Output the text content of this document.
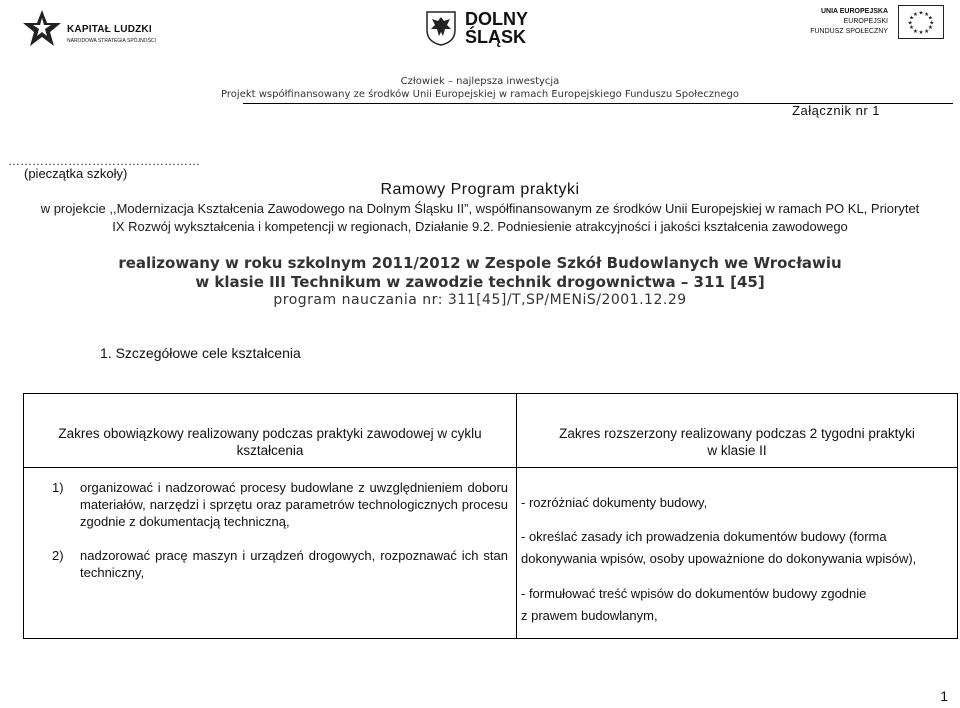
KAPITAŁ LUDZKI
NARODOWA STRATEGIA SPÓJNOŚCI
DOLNY
ŚLĄSK
UNIA EUROPEJSKA
EUROPEJSKI
FUNDUSZ SPOŁECZNY
★ ★
★
★
★
★
★
★
★
★
★
★
Człowiek – najlepsza inwestycja
Projekt współfinansowany ze środków Unii Europejskiej w ramach Europejskiego Funduszu Społecznego
Załącznik nr 1
…………………………………………
(pieczątka szkoły)
Ramowy Program praktyki
w projekcie ,,Modernizacja Kształcenia Zawodowego na Dolnym Śląsku II”, współfinansowanym ze środków Unii Europejskiej w ramach PO KL, Priorytet
IX Rozwój wykształcenia i kompetencji w regionach, Działanie 9.2. Podniesienie atrakcyjności i jakości kształcenia zawodowego
realizowany w roku szkolnym 2011/2012 w Zespole Szkół Budowlanych we Wrocławiu
w klasie III Technikum w zawodzie technik drogownictwa – 311 [45]
program nauczania nr: 311[45]/T,SP/MENiS/2001.12.29
1. Szczegółowe cele kształcenia
Zakres obowiązkowy realizowany podczas praktyki zawodowej w cyklu kształcenia
Zakres rozszerzony realizowany podczas 2 tygodni praktyki
w klasie II
1) organizować i nadzorować procesy budowlane z uwzględnieniem doboru materiałów, narzędzi i sprzętu oraz parametrów technologicznych procesu zgodnie z dokumentacją techniczną,
2) nadzorować pracę maszyn i urządzeń drogowych, rozpoznawać ich stan techniczny,
- rozróżniać dokumenty budowy,
- określać zasady ich prowadzenia dokumentów budowy (forma
dokonywania wpisów, osoby upoważnione do dokonywania wpisów),
- formułować treść wpisów do dokumentów budowy zgodnie
z prawem budowlanym,
1
